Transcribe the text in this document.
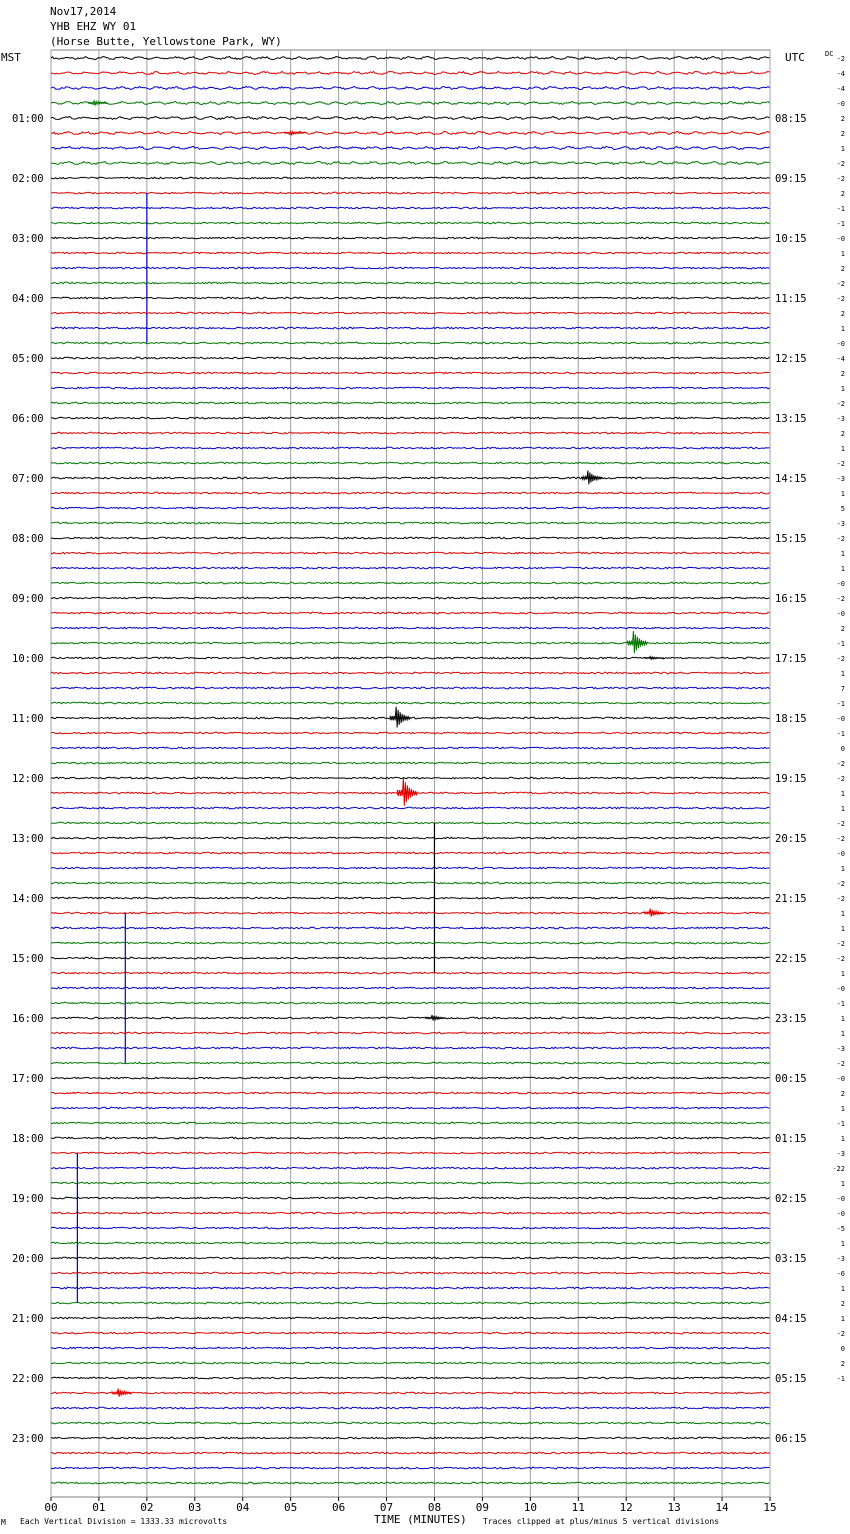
Nov17,2014
YHB EHZ WY 01
(Horse Butte, Yellowstone Park, WY)
MST	UTC	DC
01:00
02:00
03:00
04:00
05:00
06:00
07:00
08:00
09:00
10:00
11:00
12:00
13:00
14:00
15:00
16:00
17:00
18:00
19:00
20:00
21:00
22:00
23:00
08:15
09:15
10:15
11:15
12:15
13:15
14:15
15:15
16:15
17:15
18:15
19:15
20:15
21:15
22:15
23:15
00:15
01:15
02:15
03:15
04:15
05:15
06:15
-2
-4
-4
-0
2
2
1
-2
-2
2
-1
-1
-0
1
2
-2
-2
2
1
-0
-4
2
1
-2
-3
2
1
-2
-3
1
5
-3
-2
1
1
-0
-2
-0
2
-1
-2
1
7
-1
-0
-1
0
-2
-2
1
1
-2
-2
-0
1
-2
-2
1
1
-2
-2
1
-0
-1
1
1
-3
-2
-0
2
1
-1
1
-3
-22
1
-0
-0
-5
1
-3
-6
1
2
1
-2
0
2
-1
00	01	02	03	04	05	06	07	08	09	10	11	12	13	14	15
M Each Vertical Division = 1333.33 microvolts	TIME (MINUTES) Traces clipped at plus/minus 5 vertical divisions
